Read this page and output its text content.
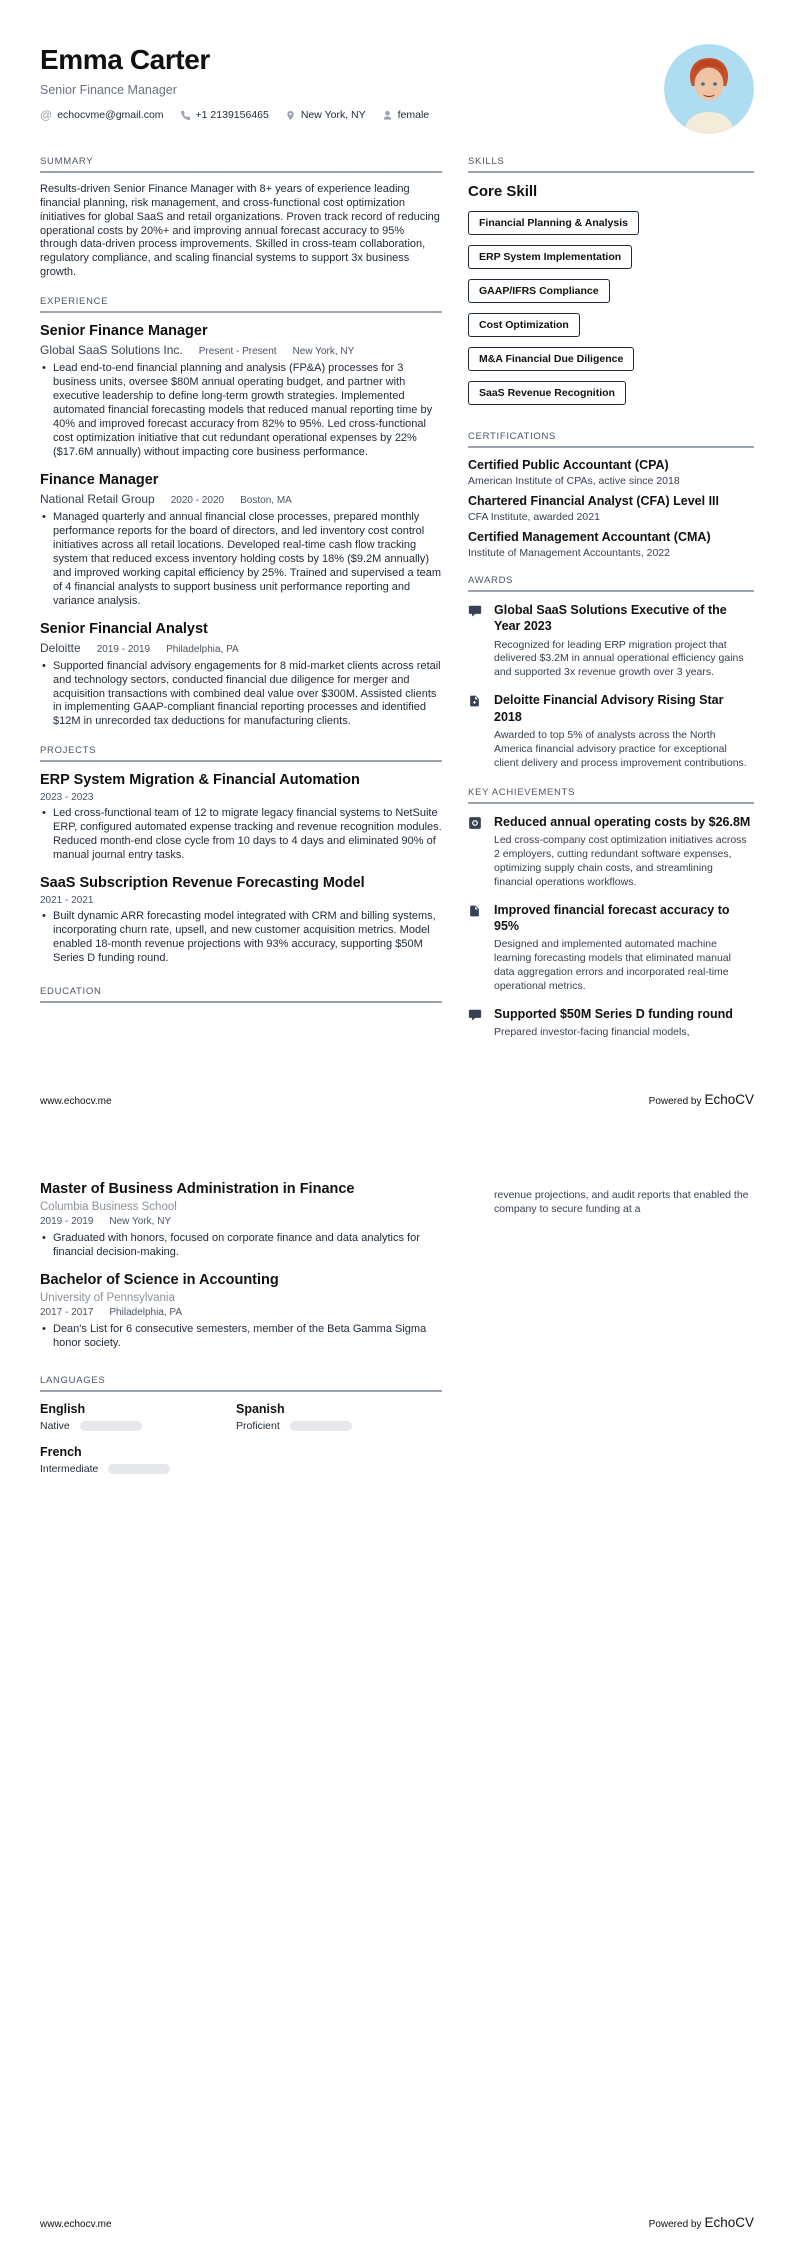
Emma Carter
Senior Finance Manager
@ echocvme@gmail.com	+1 2139156465	New York, NY	female
SUMMARY

Results-driven Senior Finance Manager with 8+ years of experience leading financial planning, risk management, and cross-functional cost optimization initiatives for global SaaS and retail organizations. Proven track record of reducing operational costs by 20%+ and improving annual forecast accuracy to 95% through data-driven process improvements. Skilled in cross-team collaboration, regulatory compliance, and scaling financial systems to support 3x business growth.

EXPERIENCE
Senior Finance Manager
Global SaaS Solutions Inc. Present - Present New York, NY
• Lead end-to-end financial planning and analysis (FP&A) processes for 3 business units, oversee $80M annual operating budget, and partner with executive leadership to define long-term growth strategies. Implemented automated financial forecasting models that reduced manual reporting time by 40% and improved forecast accuracy from 82% to 95%. Led cross-functional cost optimization initiative that cut redundant operational expenses by 22% ($17.6M annually) without impacting core business performance.
Finance Manager
National Retail Group 2020 - 2020 Boston, MA
• Managed quarterly and annual financial close processes, prepared monthly performance reports for the board of directors, and led inventory cost control initiatives across all retail locations. Developed real-time cash flow tracking system that reduced excess inventory holding costs by 18% ($9.2M annually) and improved working capital efficiency by 25%. Trained and supervised a team of 4 financial analysts to support business unit performance reporting and variance analysis.
Senior Financial Analyst
Deloitte 2019 - 2019 Philadelphia, PA
• Supported financial advisory engagements for 8 mid-market clients across retail and technology sectors, conducted financial due diligence for merger and acquisition transactions with combined deal value over $300M. Assisted clients in implementing GAAP-compliant financial reporting processes and identified $12M in unrecorded tax deductions for manufacturing clients.
PROJECTS
ERP System Migration & Financial Automation
2023 - 2023
• Led cross-functional team of 12 to migrate legacy financial systems to NetSuite ERP, configured automated expense tracking and revenue recognition modules. Reduced month-end close cycle from 10 days to 4 days and eliminated 90% of manual journal entry tasks.
SaaS Subscription Revenue Forecasting Model
2021 - 2021
• Built dynamic ARR forecasting model integrated with CRM and billing systems, incorporating churn rate, upsell, and new customer acquisition metrics. Model enabled 18-month revenue projections with 93% accuracy, supporting $50M Series D funding round.
EDUCATION
SKILLS
Core Skill
Financial Planning & Analysis
ERP System Implementation
GAAP/IFRS Compliance
Cost Optimization
M&A Financial Due Diligence
SaaS Revenue Recognition
CERTIFICATIONS
Certified Public Accountant (CPA)
American Institute of CPAs, active since 2018
Chartered Financial Analyst (CFA) Level III
CFA Institute, awarded 2021
Certified Management Accountant (CMA)
Institute of Management Accountants, 2022
AWARDS

Global SaaS Solutions Executive of the Year 2023

Recognized for leading ERP migration project that delivered $3.2M in annual operational efficiency gains and supported 3x revenue growth over 3 years.

Deloitte Financial Advisory Rising Star 2018

Awarded to top 5% of analysts across the North America financial advisory practice for exceptional client delivery and process improvement contributions.

KEY ACHIEVEMENTS

Reduced annual operating costs by $26.8M

Led cross-company cost optimization initiatives across 2 employers, cutting redundant software expenses, optimizing supply chain costs, and streamlining financial operations workflows.

Improved financial forecast accuracy to 95%

Designed and implemented automated machine learning forecasting models that eliminated manual data aggregation errors and incorporated real-time operational metrics.

Supported $50M Series D funding round

Prepared investor-facing financial models,

www.echocv.me	Powered by EchoCV
Master of Business Administration in Finance
Columbia Business School
2019 - 2019 New York, NY
• Graduated with honors, focused on corporate finance and data analytics for financial decision-making.
Bachelor of Science in Accounting
University of Pennsylvania
2017 - 2017 Philadelphia, PA
• Dean's List for 6 consecutive semesters, member of the Beta Gamma Sigma honor society.
LANGUAGES
English
Native
Spanish
Proficient
French
Intermediate

revenue projections, and audit reports that enabled the company to secure funding at a

www.echocv.me	Powered by EchoCV
